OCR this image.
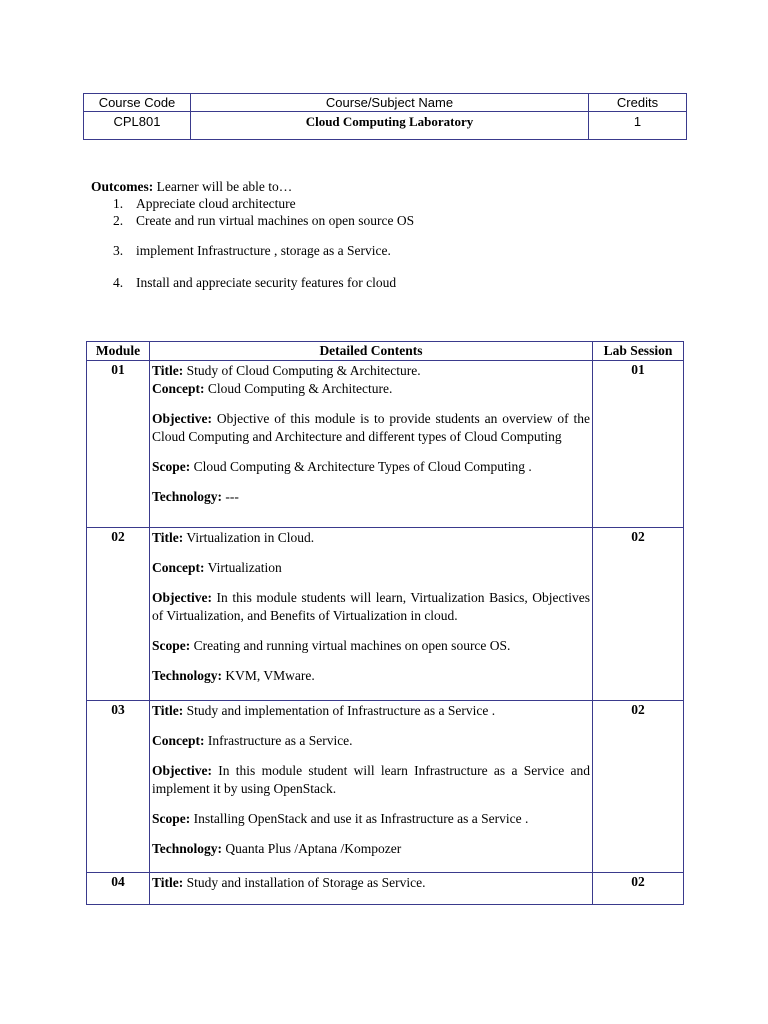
Course Code	Course/Subject Name	Credits
CPL801	Cloud Computing Laboratory	1
Outcomes: Learner will be able to…
1. Appreciate cloud architecture
2. Create and run virtual machines on open source OS
3. implement Infrastructure , storage as a Service.
4. Install and appreciate security features for cloud
Module	Detailed Contents	Lab Session
01	Title: Study of Cloud Computing & Architecture.
Concept: Cloud Computing & Architecture.

Objective: Objective of this module is to provide students an overview of the Cloud Computing and Architecture and different types of Cloud Computing

Scope: Cloud Computing & Architecture Types of Cloud Computing .

Technology: ---	01
02	Title: Virtualization in Cloud.

Concept: Virtualization

Objective: In this module students will learn, Virtualization Basics, Objectives of Virtualization, and Benefits of Virtualization in cloud.

Scope: Creating and running virtual machines on open source OS.

Technology: KVM, VMware.	02
03	Title: Study and implementation of Infrastructure as a Service .

Concept: Infrastructure as a Service.

Objective: In this module student will learn Infrastructure as a Service and implement it by using OpenStack.

Scope: Installing OpenStack and use it as Infrastructure as a Service .

Technology: Quanta Plus /Aptana /Kompozer	02
04	Title: Study and installation of Storage as Service.	02
